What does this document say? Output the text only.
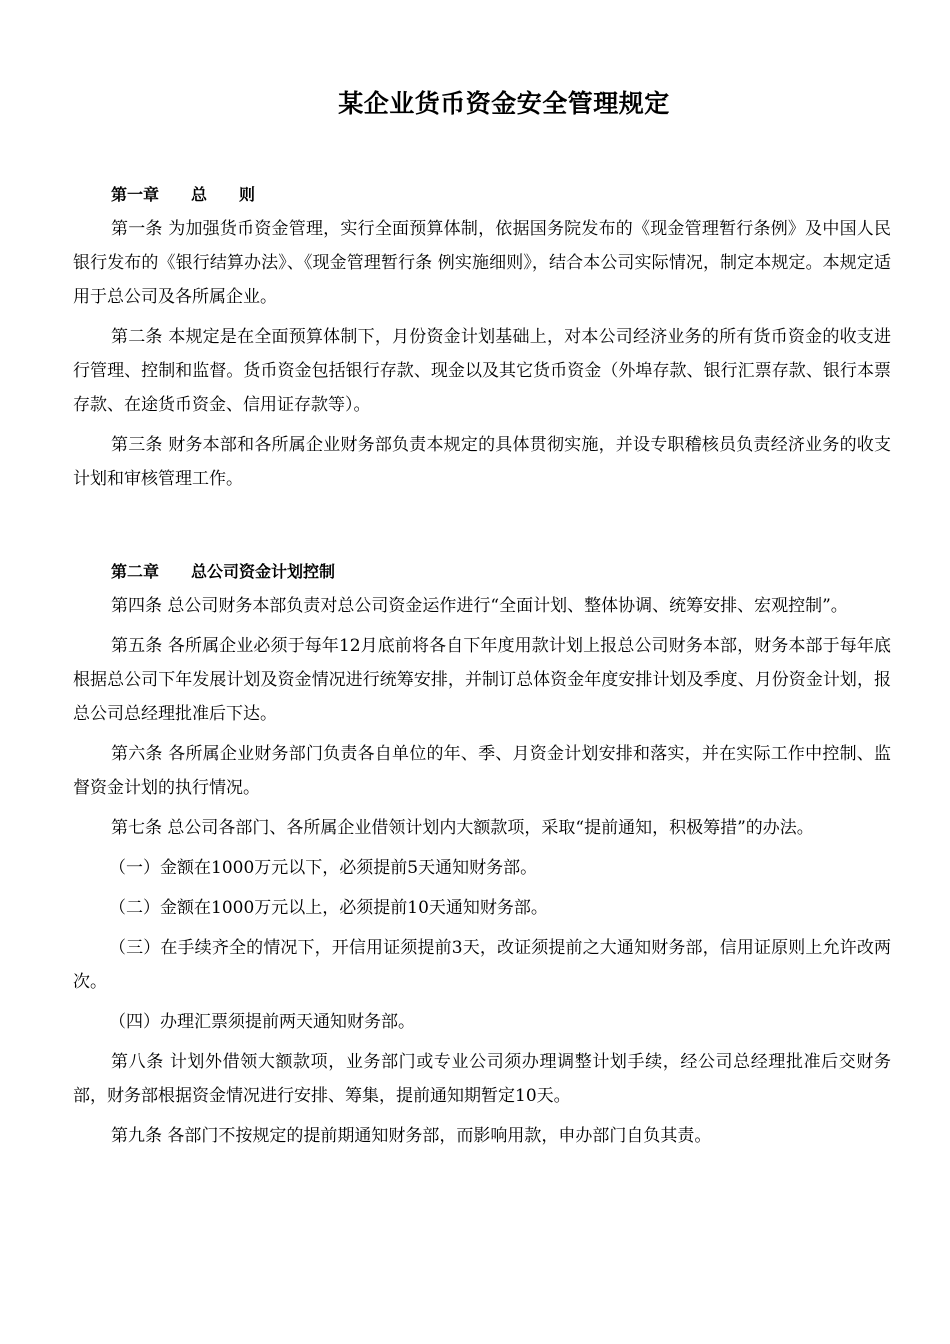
某企业货币资金安全管理规定
第一章　　总　　则

第一条 为加强货币资金管理，实行全面预算体制，依据国务院发布的《现金管理暂行条例》及中国人民银行发布的《银行结算办法》、《现金管理暂行条 例实施细则》，结合本公司实际情况，制定本规定。本规定适用于总公司及各所属企业。

第二条 本规定是在全面预算体制下，月份资金计划基础上，对本公司经济业务的所有货币资金的收支进行管理、控制和监督。货币资金包括银行存款、现金以及其它货币资金（外埠存款、银行汇票存款、银行本票存款、在途货币资金、信用证存款等）。

第三条 财务本部和各所属企业财务部负责本规定的具体贯彻实施，并设专职稽核员负责经济业务的收支计划和审核管理工作。

第二章　　总公司资金计划控制

第四条 总公司财务本部负责对总公司资金运作进行“全面计划、整体协调、统筹安排、宏观控制”。

第五条 各所属企业必须于每年12月底前将各自下年度用款计划上报总公司财务本部，财务本部于每年底根据总公司下年发展计划及资金情况进行统筹安排，并制订总体资金年度安排计划及季度、月份资金计划，报总公司总经理批准后下达。

第六条 各所属企业财务部门负责各自单位的年、季、月资金计划安排和落实，并在实际工作中控制、监督资金计划的执行情况。

第七条 总公司各部门、各所属企业借领计划内大额款项，采取“提前通知，积极筹措”的办法。

（一）金额在1000万元以下，必须提前5天通知财务部。

（二）金额在1000万元以上，必须提前10天通知财务部。

（三）在手续齐全的情况下，开信用证须提前3天，改证须提前之大通知财务部，信用证原则上允许改两次。

（四）办理汇票须提前两天通知财务部。

第八条 计划外借领大额款项，业务部门或专业公司须办理调整计划手续，经公司总经理批准后交财务部，财务部根据资金情况进行安排、筹集，提前通知期暂定10天。

第九条 各部门不按规定的提前期通知财务部，而影响用款，申办部门自负其责。
